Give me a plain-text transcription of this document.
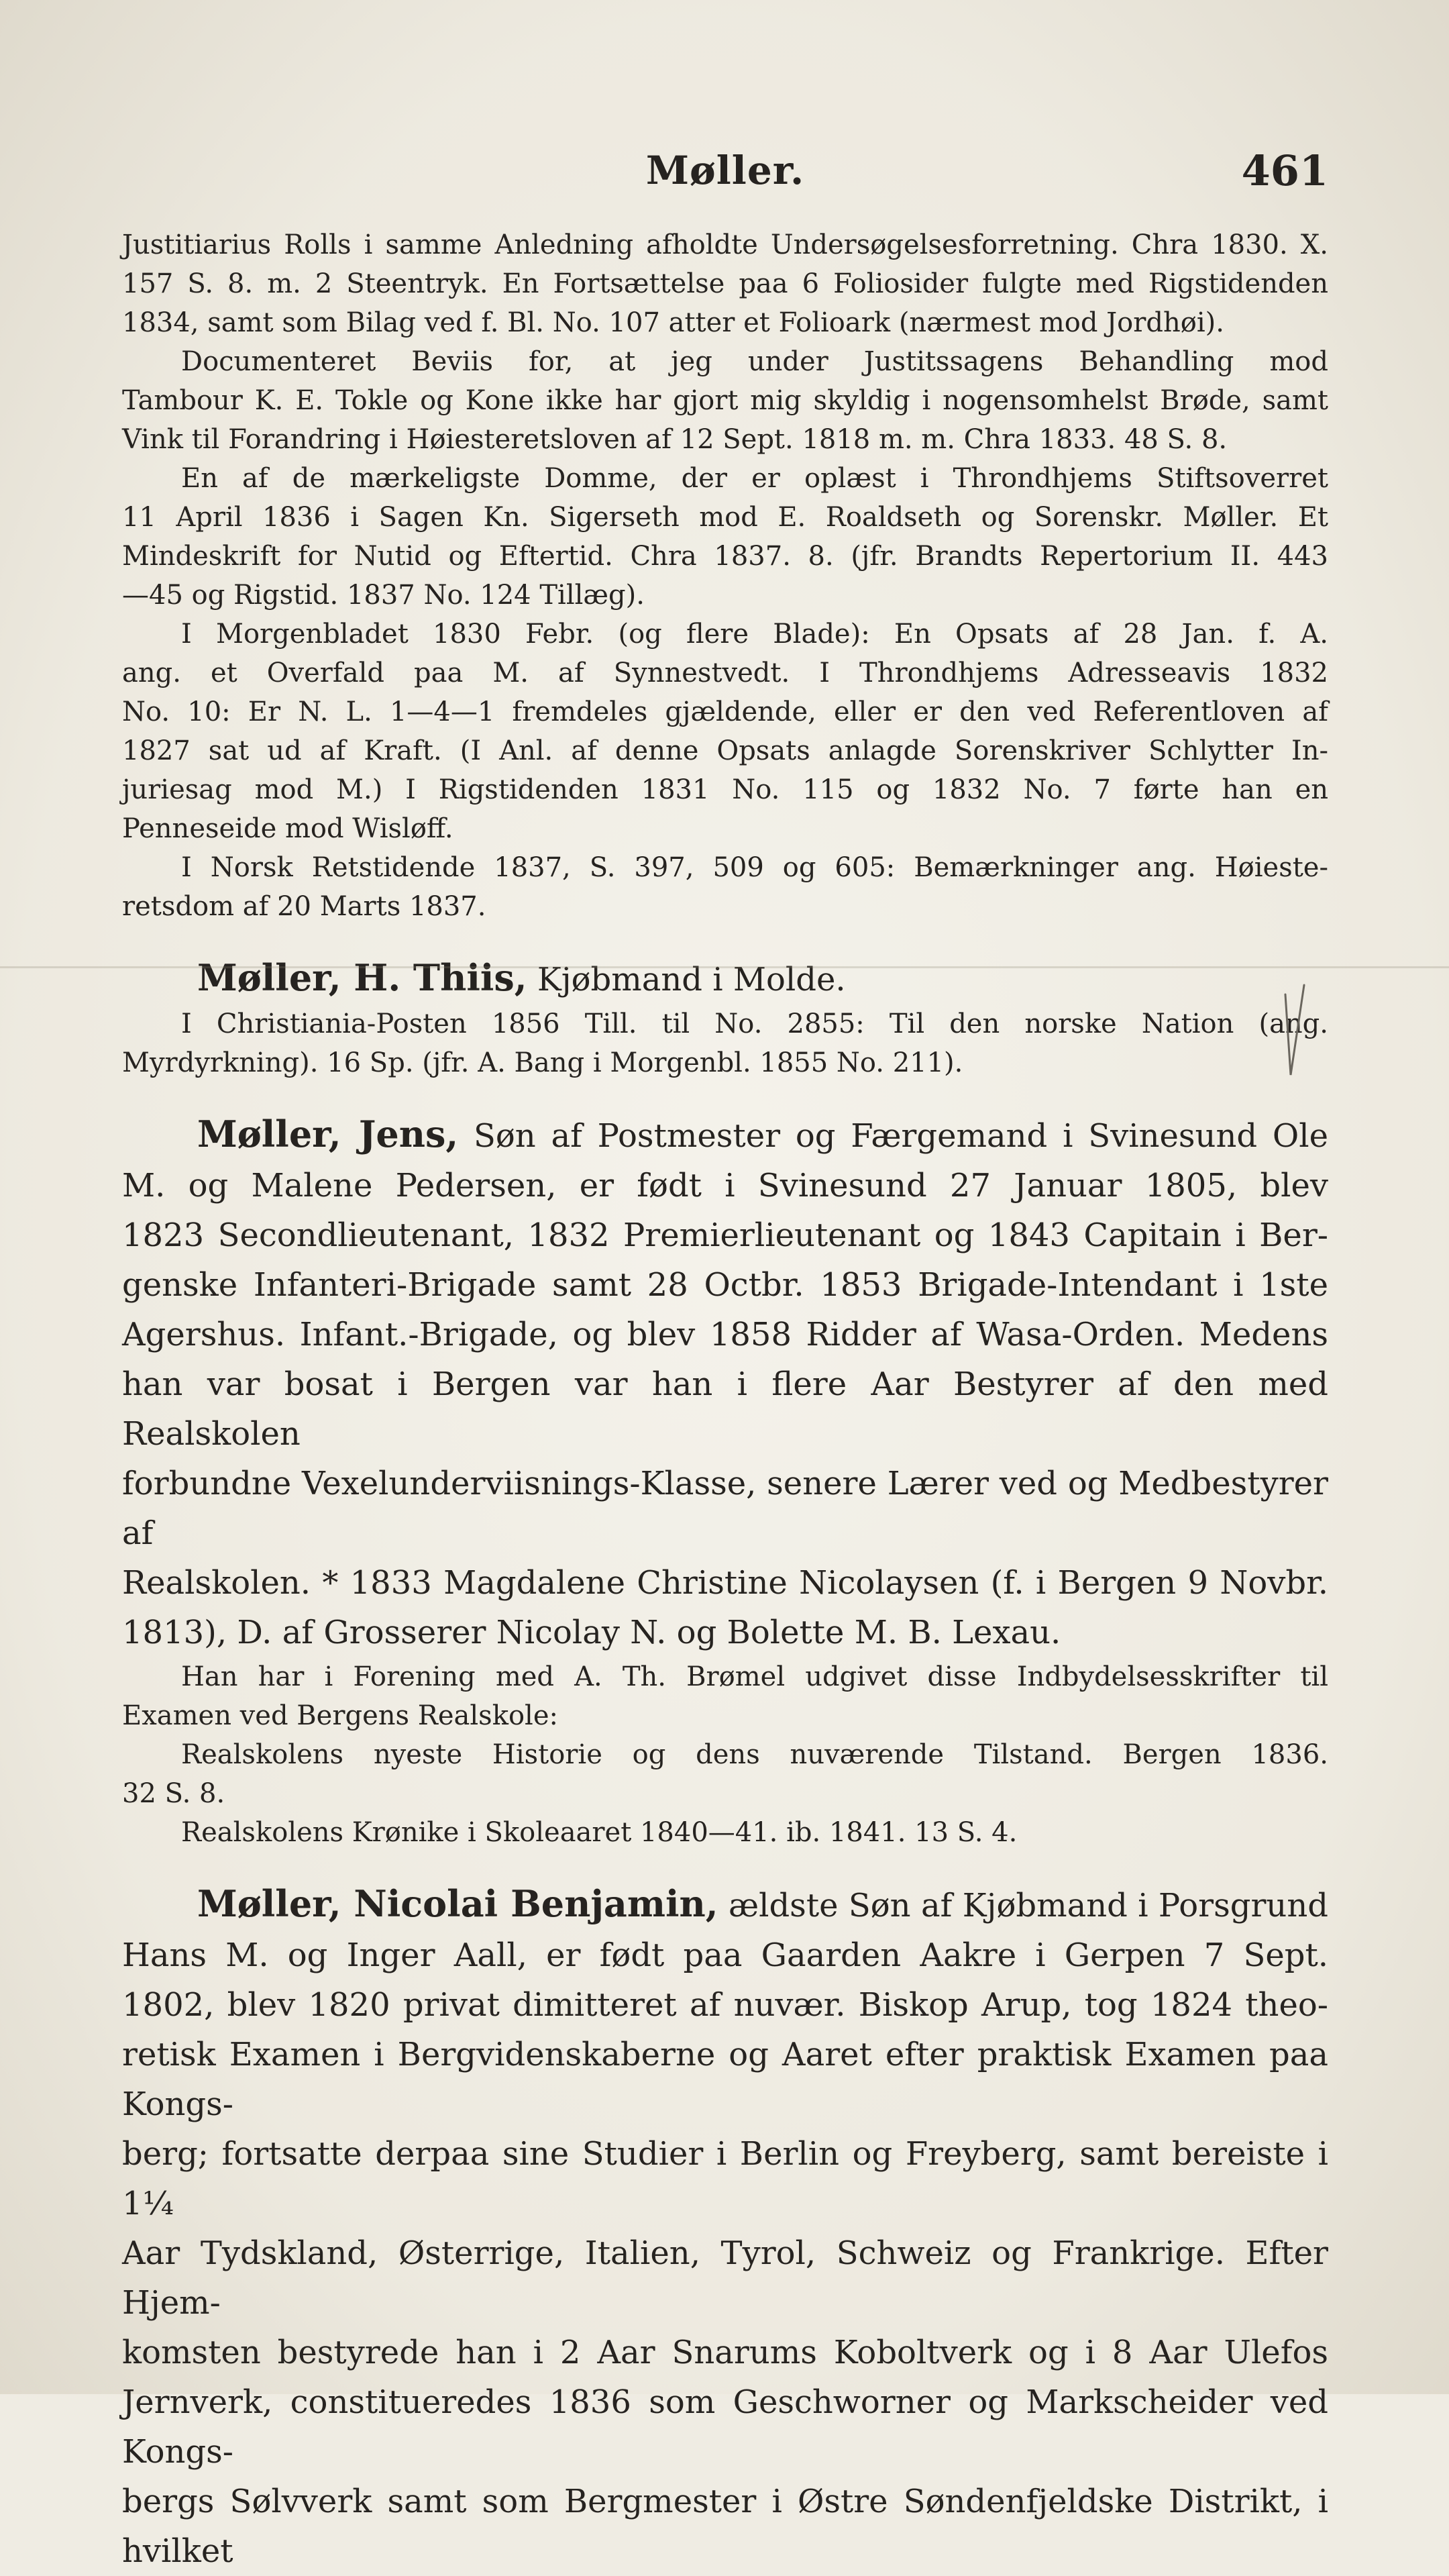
Møller.	461

Justitiarius Rolls i samme Anledning afholdte Undersøgelsesforretning. Chra 1830. X.

157 S. 8. m. 2 Steentryk. En Fortsættelse paa 6 Foliosider fulgte med Rigstidenden

1834, samt som Bilag ved f. Bl. No. 107 atter et Folioark (nærmest mod Jordhøi).

Documenteret Beviis for, at jeg under Justitssagens Behandling mod

Tambour K. E. Tokle og Kone ikke har gjort mig skyldig i nogensomhelst Brøde, samt

Vink til Forandring i Høiesteretsloven af 12 Sept. 1818 m. m. Chra 1833. 48 S. 8.

En af de mærkeligste Domme, der er oplæst i Throndhjems Stiftsoverret

11 April 1836 i Sagen Kn. Sigerseth mod E. Roaldseth og Sorenskr. Møller. Et

Mindeskrift for Nutid og Eftertid. Chra 1837. 8. (jfr. Brandts Repertorium II. 443

—45 og Rigstid. 1837 No. 124 Tillæg).

I Morgenbladet 1830 Febr. (og flere Blade): En Opsats af 28 Jan. f. A.

ang. et Overfald paa M. af Synnestvedt. I Throndhjems Adresseavis 1832

No. 10: Er N. L. 1—4—1 fremdeles gjældende, eller er den ved Referentloven af

1827 sat ud af Kraft. (I Anl. af denne Opsats anlagde Sorenskriver Schlytter In-

juriesag mod M.) I Rigstidenden 1831 No. 115 og 1832 No. 7 førte han en

Penneseide mod Wisløff.

I Norsk Retstidende 1837, S. 397, 509 og 605: Bemærkninger ang. Høieste-

retsdom af 20 Marts 1837.

Møller, H. Thiis, Kjøbmand i Molde.

I Christiania-Posten 1856 Till. til No. 2855: Til den norske Nation (ang.

Myrdyrkning). 16 Sp. (jfr. A. Bang i Morgenbl. 1855 No. 211).

Møller, Jens, Søn af Postmester og Færgemand i Svinesund Ole

M. og Malene Pedersen, er født i Svinesund 27 Januar 1805, blev

1823 Secondlieutenant, 1832 Premierlieutenant og 1843 Capitain i Ber-

genske Infanteri-Brigade samt 28 Octbr. 1853 Brigade-Intendant i 1ste

Agershus. Infant.-Brigade, og blev 1858 Ridder af Wasa-Orden. Medens

han var bosat i Bergen var han i flere Aar Bestyrer af den med Realskolen

forbundne Vexelunderviisnings-Klasse, senere Lærer ved og Medbestyrer af

Realskolen. * 1833 Magdalene Christine Nicolaysen (f. i Bergen 9 Novbr.

1813), D. af Grosserer Nicolay N. og Bolette M. B. Lexau.

Han har i Forening med A. Th. Brømel udgivet disse Indbydelsesskrifter til

Examen ved Bergens Realskole:

Realskolens nyeste Historie og dens nuværende Tilstand. Bergen 1836.

32 S. 8.

Realskolens Krønike i Skoleaaret 1840—41. ib. 1841. 13 S. 4.

Møller, Nicolai Benjamin, ældste Søn af Kjøbmand i Porsgrund

Hans M. og Inger Aall, er født paa Gaarden Aakre i Gerpen 7 Sept.

1802, blev 1820 privat dimitteret af nuvær. Biskop Arup, tog 1824 theo-

retisk Examen i Bergvidenskaberne og Aaret efter praktisk Examen paa Kongs-

berg; fortsatte derpaa sine Studier i Berlin og Freyberg, samt bereiste i 1¼

Aar Tydskland, Østerrige, Italien, Tyrol, Schweiz og Frankrige. Efter Hjem-

komsten bestyrede han i 2 Aar Snarums Koboltverk og i 8 Aar Ulefos

Jernverk, constitueredes 1836 som Geschworner og Markscheider ved Kongs-

bergs Sølvverk samt som Bergmester i Østre Søndenfjeldske Distrikt, i hvilket
